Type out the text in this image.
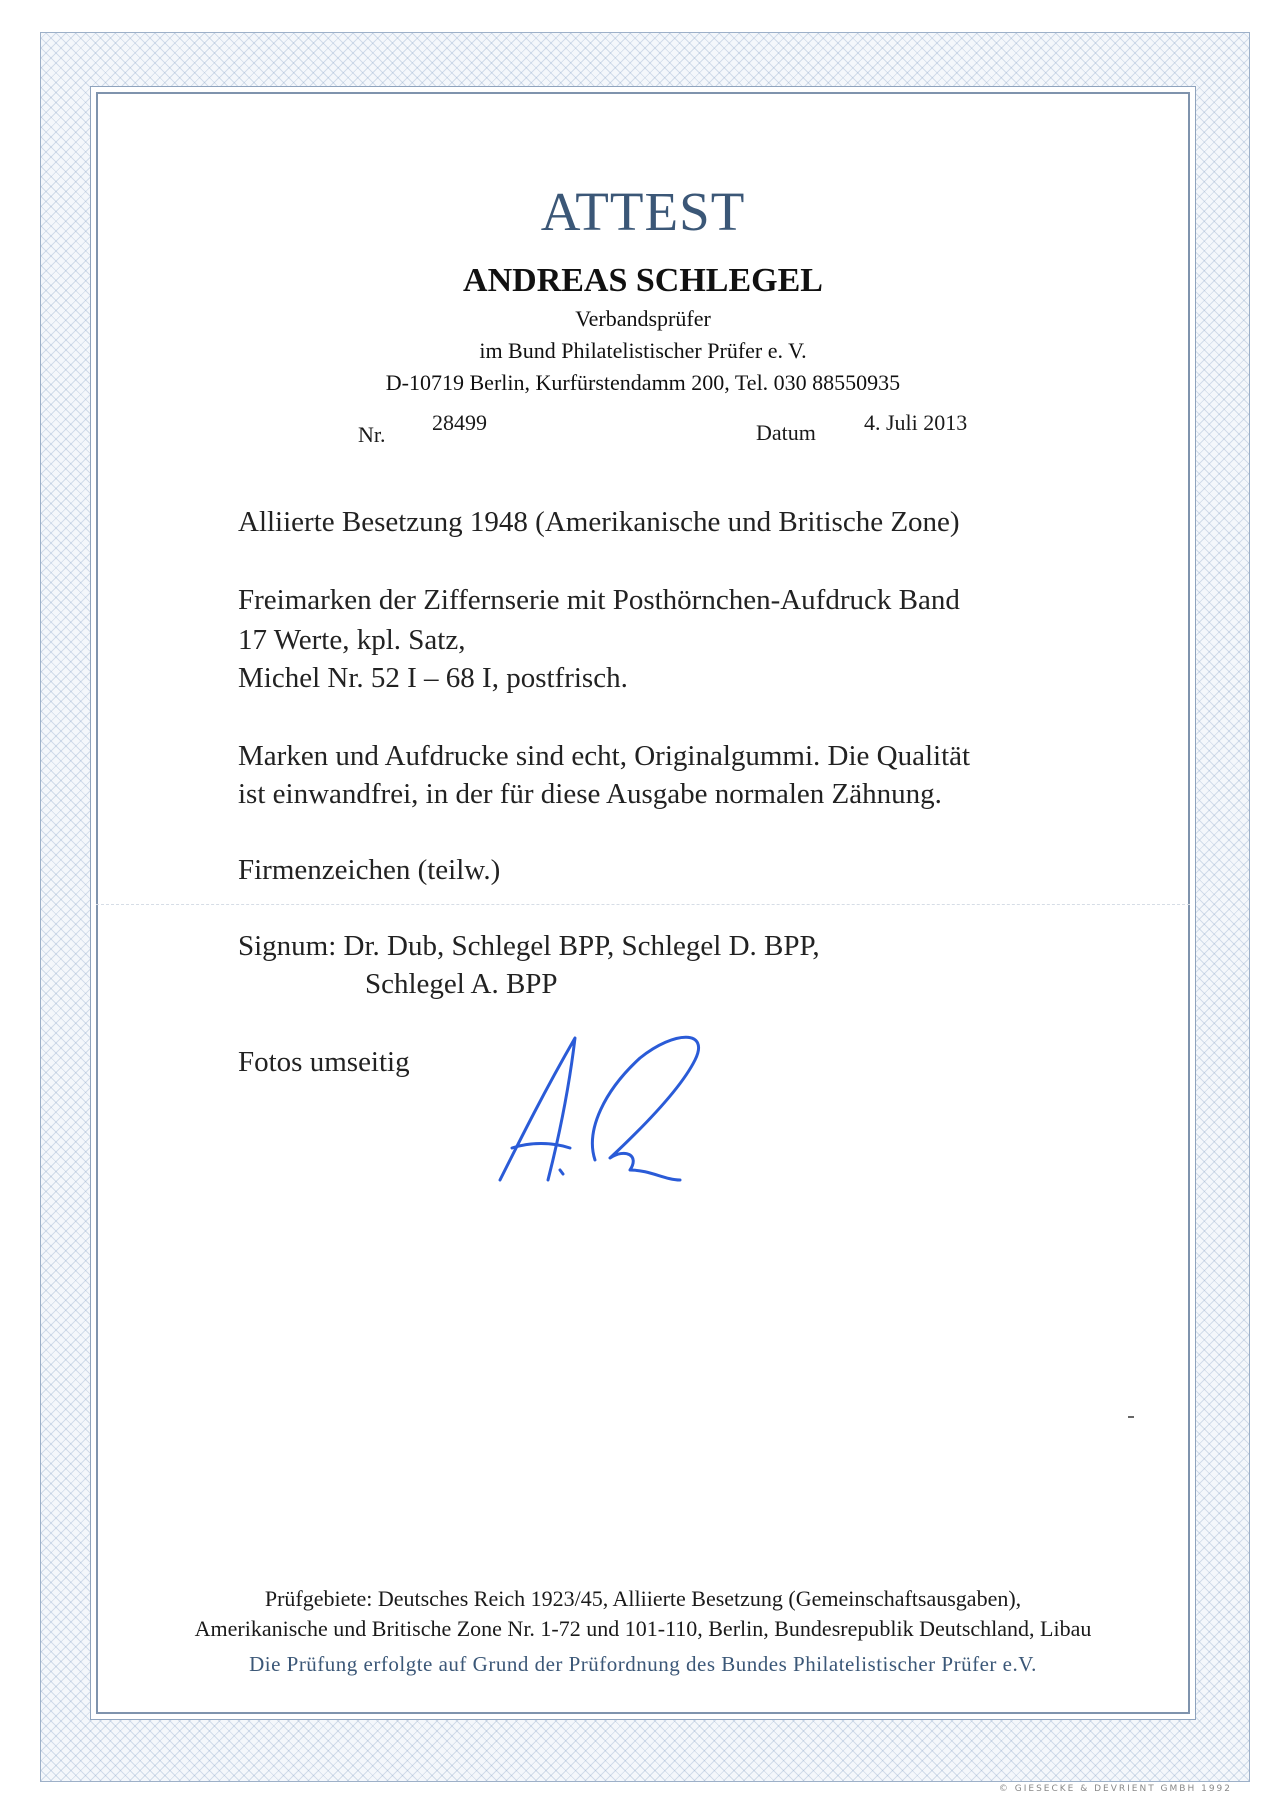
ATTEST
ANDREAS SCHLEGEL
Verbandsprüfer
im Bund Philatelistischer Prüfer e. V.
D-10719 Berlin, Kurfürstendamm 200, Tel. 030 88550935
Nr. 28499	Datum 4. Juli 2013
Alliierte Besetzung 1948 (Amerikanische und Britische Zone)
Freimarken der Ziffernserie mit Posthörnchen-Aufdruck Band
17 Werte, kpl. Satz,
Michel Nr. 52 I – 68 I, postfrisch.
Marken und Aufdrucke sind echt, Originalgummi. Die Qualität
ist einwandfrei, in der für diese Ausgabe normalen Zähnung.
Firmenzeichen (teilw.)
Signum: Dr. Dub, Schlegel BPP, Schlegel D. BPP,
Schlegel A. BPP
Fotos umseitig
Prüfgebiete: Deutsches Reich 1923/45, Alliierte Besetzung (Gemeinschaftsausgaben),
Amerikanische und Britische Zone Nr. 1-72 und 101-110, Berlin, Bundesrepublik Deutschland, Libau
Die Prüfung erfolgte auf Grund der Prüfordnung des Bundes Philatelistischer Prüfer e.V.
© GIESECKE & DEVRIENT GMBH 1992
